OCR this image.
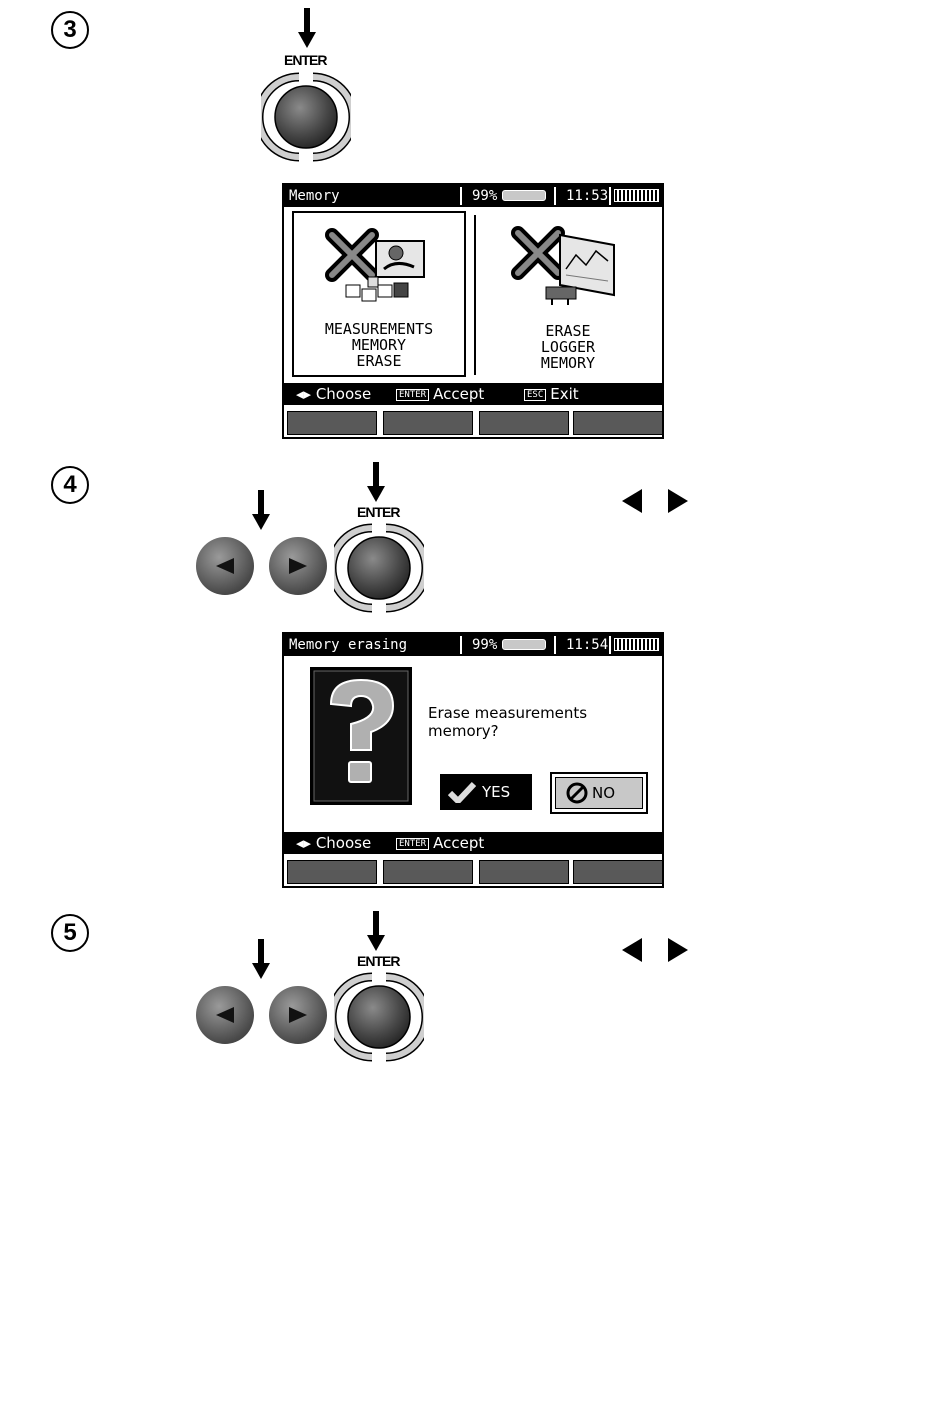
3
ENTER
Memory	99%	11:53
MEASUREMENTS
MEMORY
ERASE
ERASE
LOGGER
MEMORY
◂▸ Choose	ENTER Accept	ESC Exit
4
ENTER
Memory erasing	99%	11:54
Erase measurements memory?
YES	NO
◂▸ Choose	ENTER Accept
5
ENTER
